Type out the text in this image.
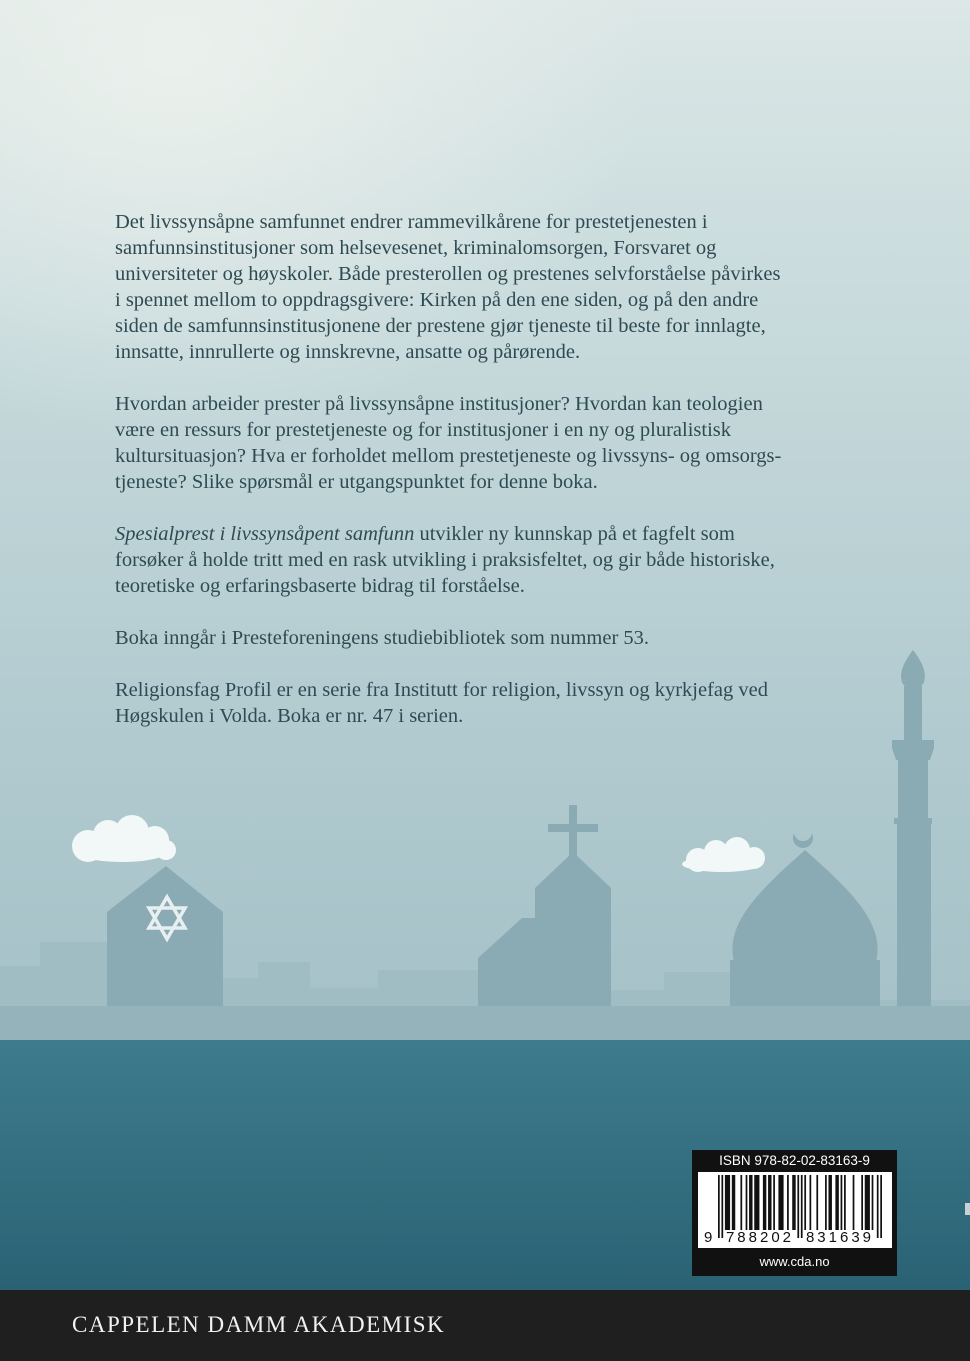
Det livssynsåpne samfunnet endrer rammevilkårene for prestetjenesten i
samfunnsinstitusjoner som helsevesenet, kriminalomsorgen, Forsvaret og
universiteter og høyskoler. Både presterollen og prestenes selvforståelse påvirkes
i spennet mellom to oppdragsgivere: Kirken på den ene siden, og på den andre
siden de samfunnsinstitusjonene der prestene gjør tjeneste til beste for innlagte,
innsatte, innrullerte og innskrevne, ansatte og pårørende.
Hvordan arbeider prester på livssynsåpne institusjoner? Hvordan kan teologien
være en ressurs for prestetjeneste og for institusjoner i en ny og pluralistisk
kultursituasjon? Hva er forholdet mellom prestetjeneste og livssyns- og omsorgs-
tjeneste? Slike spørsmål er utgangspunktet for denne boka.
Spesialprest i livssynsåpent samfunn utvikler ny kunnskap på et fagfelt som
forsøker å holde tritt med en rask utvikling i praksisfeltet, og gir både historiske,
teoretiske og erfaringsbaserte bidrag til forståelse.
Boka inngår i Presteforeningens studiebibliotek som nummer 53.
Religionsfag Profil er en serie fra Institutt for religion, livssyn og kyrkjefag ved
Høgskulen i Volda. Boka er nr. 47 i serien.
ISBN 978-82-02-83163-9
9 788202 831639
www.cda.no
CAPPELEN DAMM AKADEMISK
